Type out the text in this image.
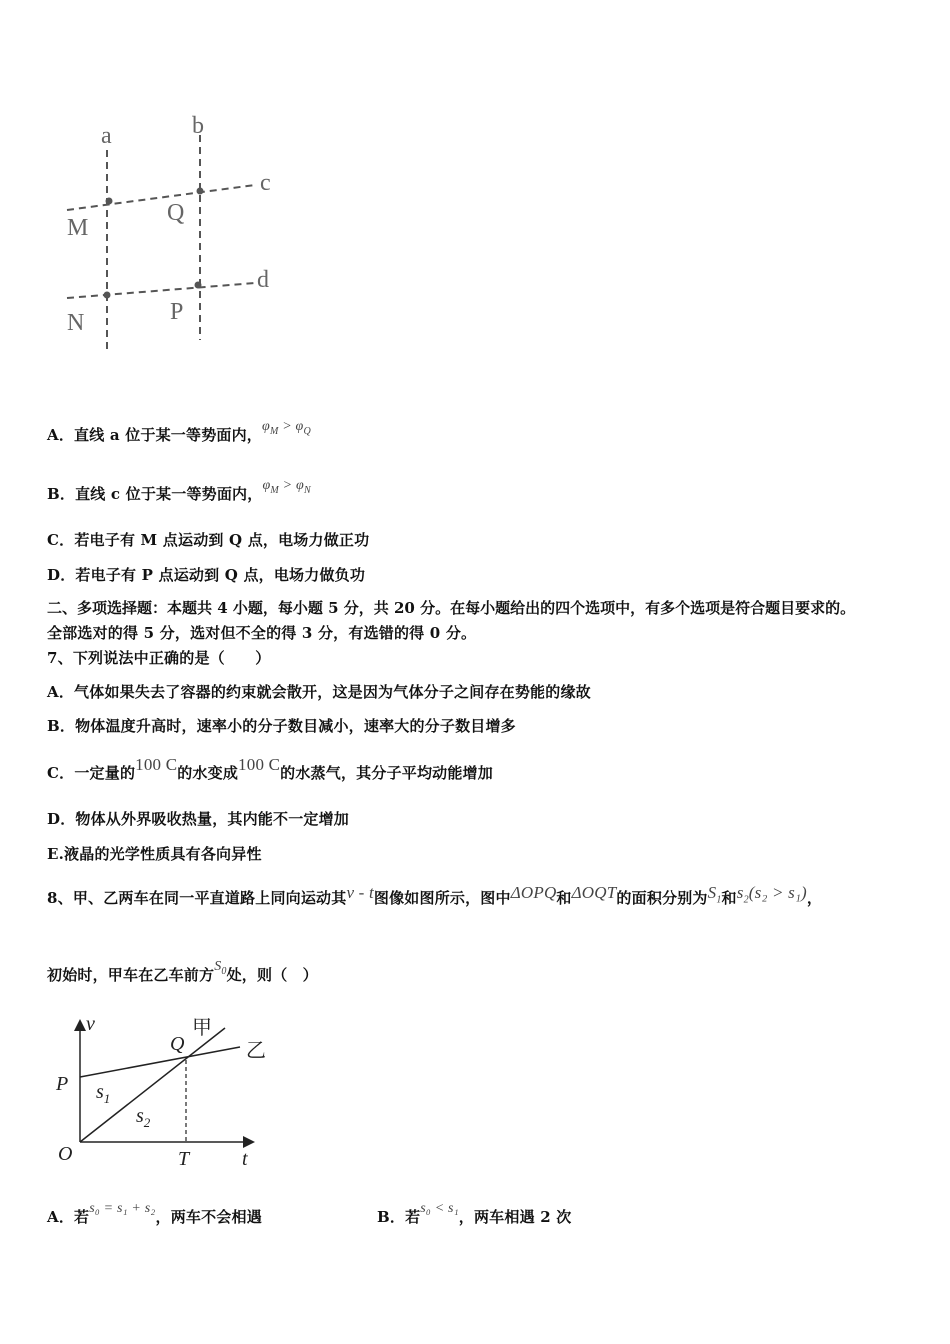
a	b
c
d
M
Q
N	P
A．直线 a 位于某一等势面内，$\varphi_M > \varphi_Q$
B．直线 c 位于某一等势面内，$\varphi_M > \varphi_N$
C．若电子有 M 点运动到 Q 点，电场力做正功
D．若电子有 P 点运动到 Q 点，电场力做负功
二、多项选择题：本题共 4 小题，每小题 5 分，共 20 分。在每小题给出的四个选项中，有多个选项是符合题目要求的。
全部选对的得 5 分，选对但不全的得 3 分，有选错的得 0 分。
7、下列说法中正确的是（　　）
A．气体如果失去了容器的约束就会散开，这是因为气体分子之间存在势能的缘故
B．物体温度升高时，速率小的分子数目减小，速率大的分子数目增多
C．一定量的100 C的水变成100 C的水蒸气，其分子平均动能增加
D．物体从外界吸收热量，其内能不一定增加
E.液晶的光学性质具有各向异性
8、甲、乙两车在同一平直道路上同向运动其v - t图像如图所示，图中ΔOPQ和ΔOQT的面积分别为$S_1$和$s_2(s_2 > s_1)$，
初始时，甲车在乙车前方$S_0$处，则（　）
v
t
O
P
Q
T
$s_1$
$s_2$
甲
乙
A．若s₀ = s₁ + s₂，两车不会相遇	B．若s₀ < s₁，两车相遇 2 次
